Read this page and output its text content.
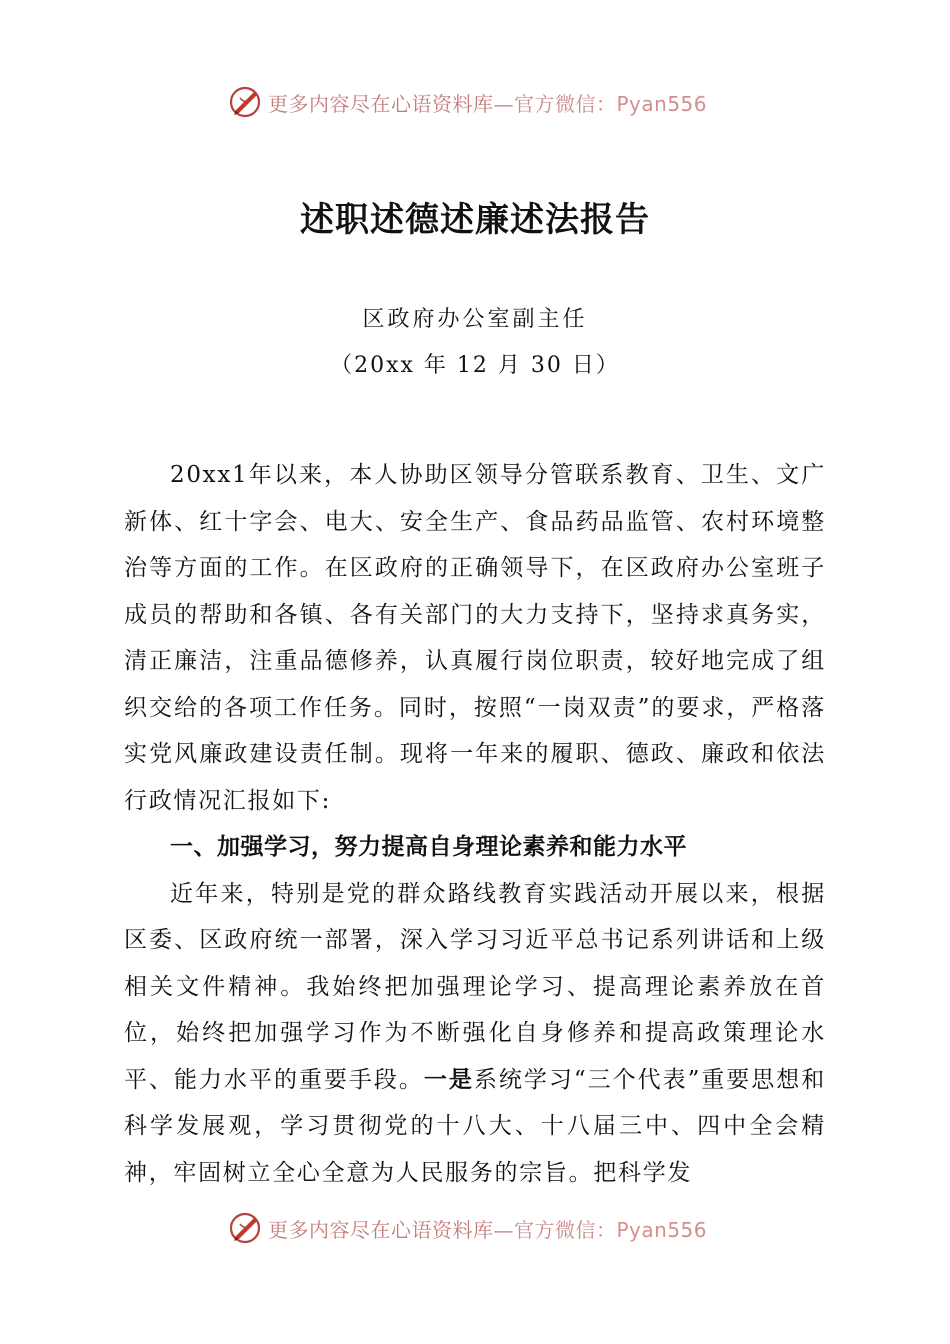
更多内容尽在心语资料库—官方微信：Pyan556
述职述德述廉述法报告
区政府办公室副主任
（20xx 年 12 月 30 日）

20xx1年以来，本人协助区领导分管联系教育、卫生、文广新体、红十字会、电大、安全生产、食品药品监管、农村环境整治等方面的工作。在区政府的正确领导下，在区政府办公室班子成员的帮助和各镇、各有关部门的大力支持下，坚持求真务实，清正廉洁，注重品德修养，认真履行岗位职责，较好地完成了组织交给的各项工作任务。同时，按照“一岗双责”的要求，严格落实党风廉政建设责任制。现将一年来的履职、德政、廉政和依法行政情况汇报如下:

一、加强学习，努力提高自身理论素养和能力水平

近年来，特别是党的群众路线教育实践活动开展以来，根据区委、区政府统一部署，深入学习习近平总书记系列讲话和上级相关文件精神。我始终把加强理论学习、提高理论素养放在首位，始终把加强学习作为不断强化自身修养和提高政策理论水平、能力水平的重要手段。一是系统学习“三个代表”重要思想和科学发展观，学习贯彻党的十八大、十八届三中、四中全会精神，牢固树立全心全意为人民服务的宗旨。把科学发

更多内容尽在心语资料库—官方微信：Pyan556
